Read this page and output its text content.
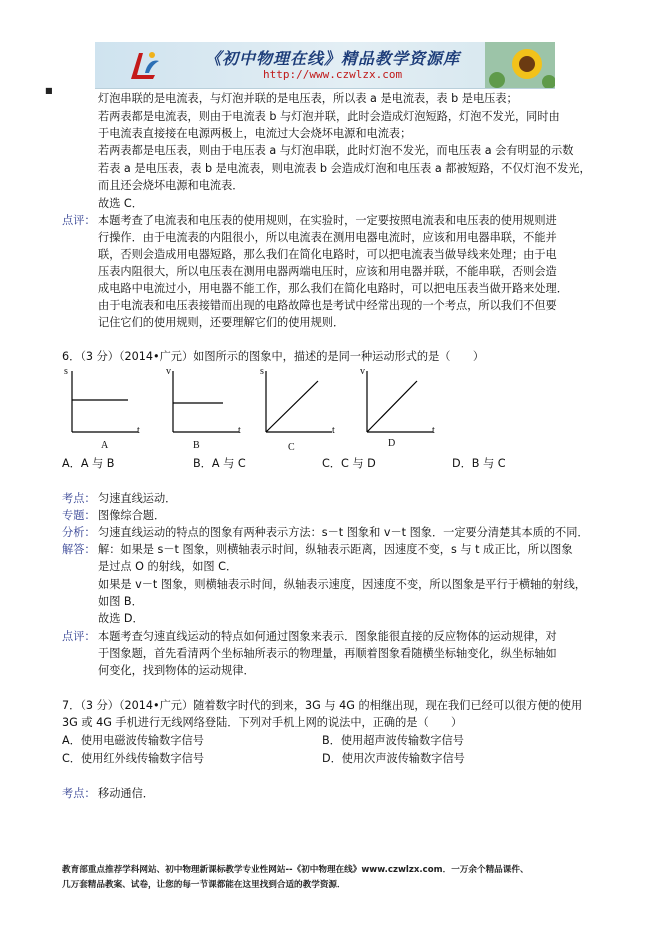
《初中物理在线》精品教学资源库
http://www.czwlzx.com
■
灯泡串联的是电流表，与灯泡并联的是电压表，所以表 a 是电流表，表 b 是电压表；
若两表都是电流表，则由于电流表 b 与灯泡并联，此时会造成灯泡短路，灯泡不发光，同时由
于电流表直接接在电源两极上，电流过大会烧坏电源和电流表；
若两表都是电压表，则由于电压表 a 与灯泡串联，此时灯泡不发光，而电压表 a 会有明显的示数
若表 a 是电压表，表 b 是电流表，则电流表 b 会造成灯泡和电压表 a 都被短路，不仅灯泡不发光，
而且还会烧坏电源和电流表．
故选 C．
点评： 本题考查了电流表和电压表的使用规则，在实验时，一定要按照电流表和电压表的使用规则进
行操作．由于电流表的内阻很小，所以电流表在测用电器电流时，应该和用电器串联，不能并
联，否则会造成用电器短路，那么我们在简化电路时，可以把电流表当做导线来处理；由于电
压表内阻很大，所以电压表在测用电器两端电压时，应该和用电器并联，不能串联，否则会造
成电路中电流过小，用电器不能工作，那么我们在简化电路时，可以把电压表当做开路来处理．
由于电流表和电压表接错而出现的电路故障也是考试中经常出现的一个考点，所以我们不但要
记住它们的使用规则，还要理解它们的使用规则．
6．（3 分）（2014•广元）如图所示的图象中，描述的是同一种运动形式的是（　　）
s
t
A
v
t
B
s
t
C
v
t
D
A．A 与 B	B．A 与 C	C．C 与 D	D．B 与 C
考点： 匀速直线运动．
专题： 图像综合题．
分析： 匀速直线运动的特点的图象有两种表示方法：s－t 图象和 v－t 图象．一定要分清楚其本质的不同．
解答： 解：如果是 s－t 图象，则横轴表示时间，纵轴表示距离，因速度不变，s 与 t 成正比，所以图象
是过点 O 的射线，如图 C．
如果是 v－t 图象，则横轴表示时间，纵轴表示速度，因速度不变，所以图象是平行于横轴的射线，
如图 B．
故选 D．
点评： 本题考查匀速直线运动的特点如何通过图象来表示．图象能很直接的反应物体的运动规律，对
于图象题，首先看清两个坐标轴所表示的物理量，再顺着图象看随横坐标轴变化，纵坐标轴如
何变化，找到物体的运动规律．
7．（3 分）（2014•广元）随着数字时代的到来，3G 与 4G 的相继出现，现在我们已经可以很方便的使用
3G 或 4G 手机进行无线网络登陆．下列对手机上网的说法中，正确的是（　　）
A．使用电磁波传输数字信号	B．使用超声波传输数字信号
C．使用红外线传输数字信号	D．使用次声波传输数字信号
考点： 移动通信．
教育部重点推荐学科网站、初中物理新课标教学专业性网站--《初中物理在线》www.czwlzx.com．一万余个精品课件、
几万套精品教案、试卷，让您的每一节课都能在这里找到合适的教学资源．
